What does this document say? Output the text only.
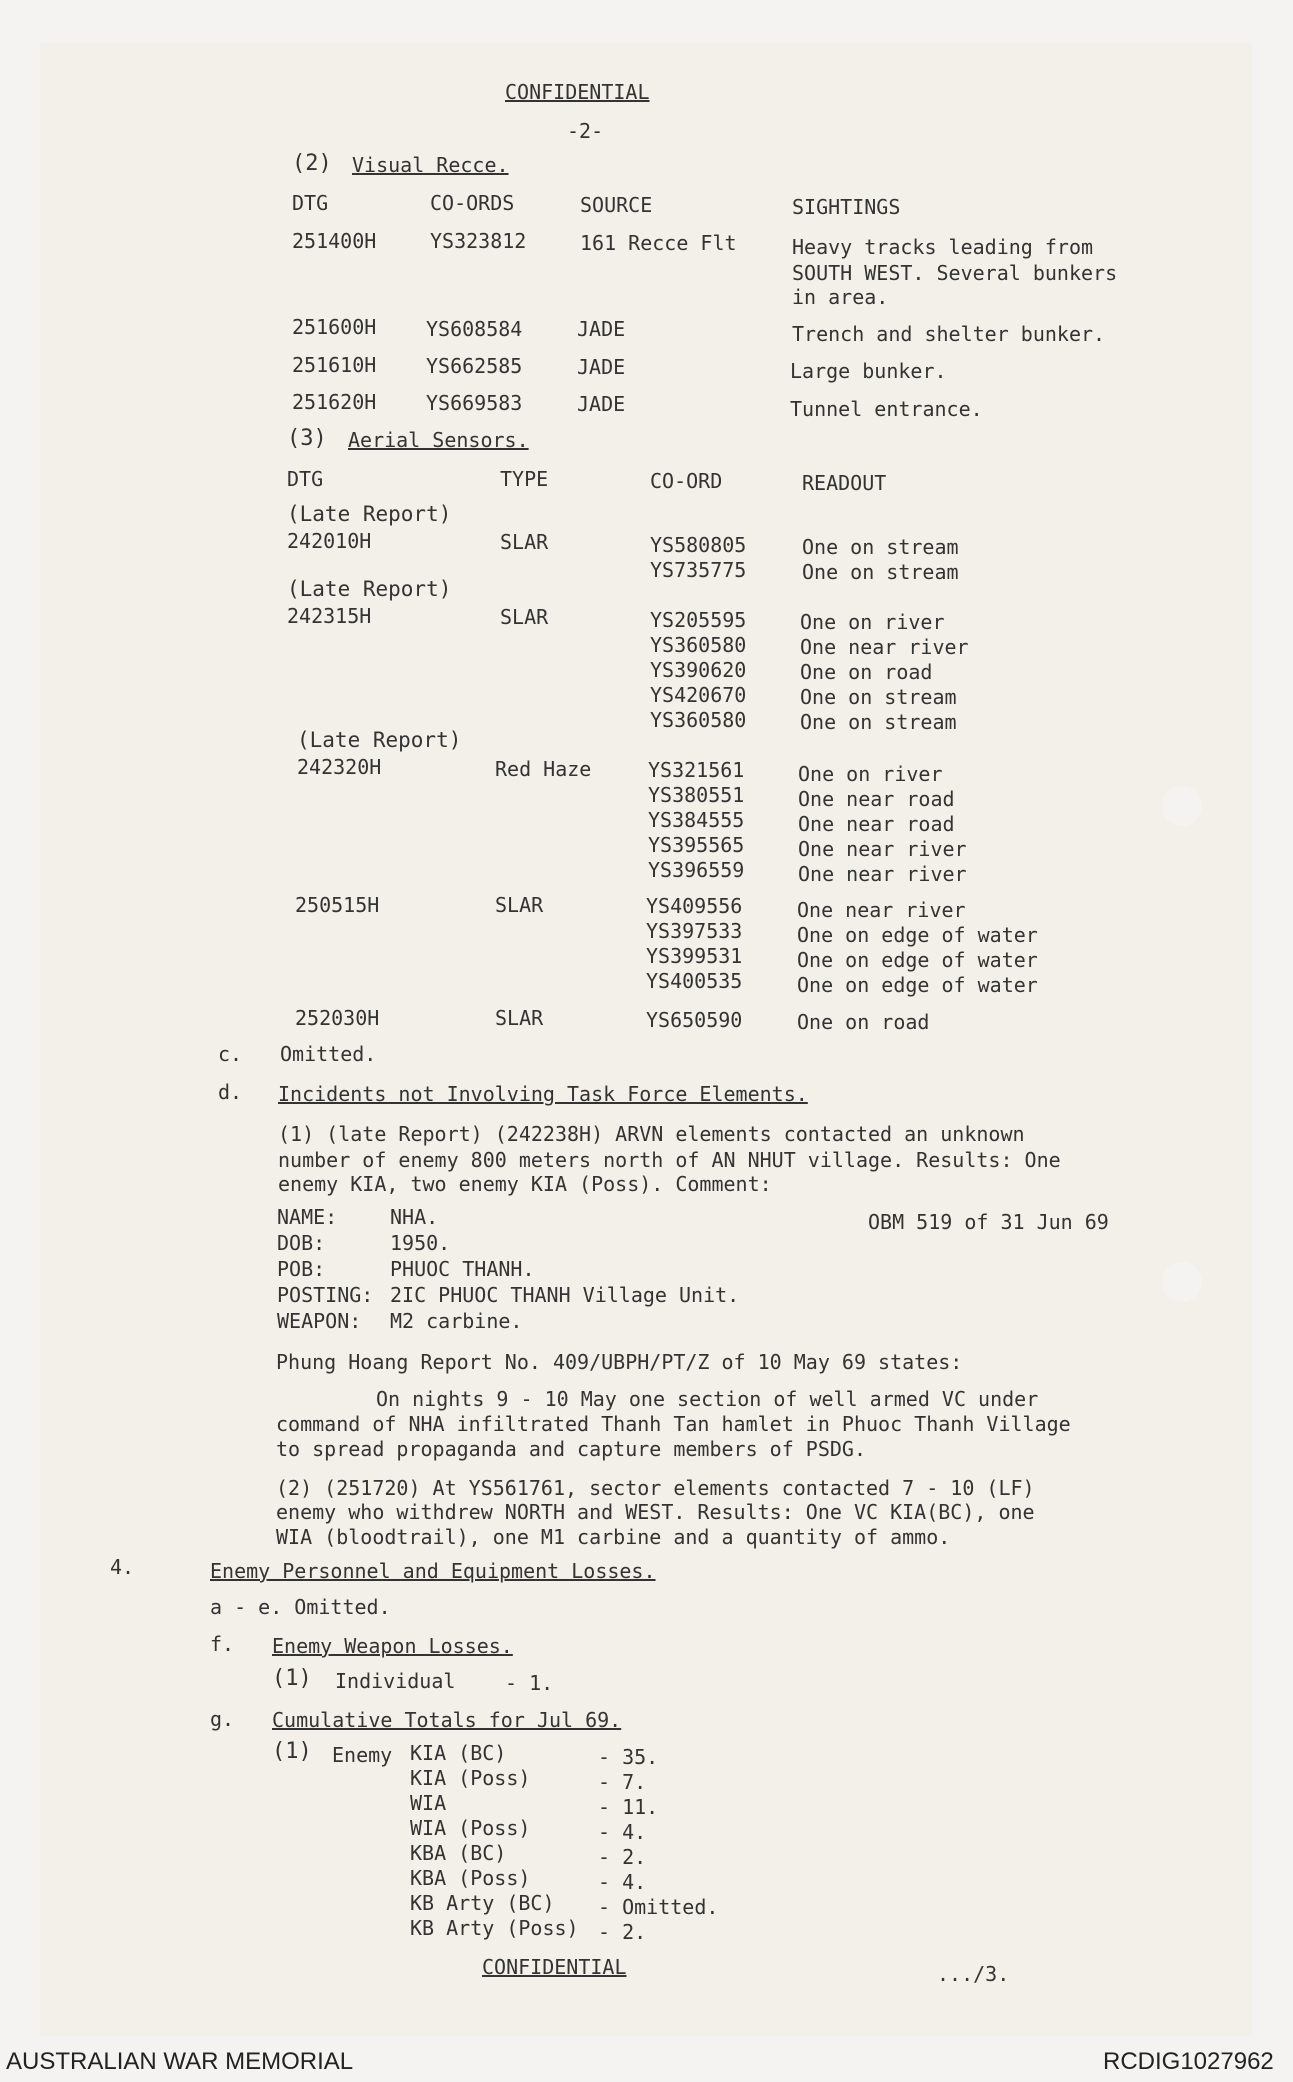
CONFIDENTIAL
-2-
(2) Visual Recce.
DTG	CO-ORDS	SOURCE	SIGHTINGS
251400H	YS323812	161 Recce Flt	Heavy tracks leading from
SOUTH WEST. Several bunkers
in area.
251600H YS608584	JADE	Trench and shelter bunker.
251610H YS662585	JADE	Large bunker.
251620H YS669583	JADE	Tunnel entrance.
(3) Aerial Sensors.
DTG	TYPE	CO-ORD	READOUT
(Late Report)
242010H	SLAR	YS580805	One on stream
YS735775	One on stream
(Late Report)
242315H	SLAR	YS205595	One on river
YS360580	One near river
YS390620	One on road
YS420670	One on stream
YS360580	One on stream
(Late Report)
242320H	Red Haze	YS321561	One on river
YS380551	One near road
YS384555	One near road
YS395565	One near river
YS396559	One near river
250515H	SLAR	YS409556	One near river
YS397533	One on edge of water
YS399531	One on edge of water
YS400535	One on edge of water
252030H	SLAR	YS650590	One on road
c. Omitted.
d. Incidents not Involving Task Force Elements.
(1) (late Report) (242238H) ARVN elements contacted an unknown
number of enemy 800 meters north of AN NHUT village. Results: One
enemy KIA, two enemy KIA (Poss). Comment:
OBM 519 of 31 Jun 69
NAME:	NHA.
DOB:	1950.
POB:	PHUOC THANH.
POSTING: 2IC PHUOC THANH Village Unit.
WEAPON: M2 carbine.
Phung Hoang Report No. 409/UBPH/PT/Z of 10 May 69 states:
On nights 9 - 10 May one section of well armed VC under
command of NHA infiltrated Thanh Tan hamlet in Phuoc Thanh Village
to spread propaganda and capture members of PSDG.
(2) (251720) At YS561761, sector elements contacted 7 - 10 (LF)
enemy who withdrew NORTH and WEST. Results: One VC KIA(BC), one
WIA (bloodtrail), one M1 carbine and a quantity of ammo.
4.	Enemy Personnel and Equipment Losses.
a - e. Omitted.
f. Enemy Weapon Losses.
(1) Individual - 1.
g. Cumulative Totals for Jul 69.
(1) Enemy KIA (BC)	- 35.
KIA (Poss)	- 7.
WIA	- 11.
WIA (Poss)	- 4.
KBA (BC)	- 2.
KBA (Poss)	- 4.
KB Arty (BC) - Omitted.
KB Arty (Poss) - 2.
CONFIDENTIAL	.../3.
AUSTRALIAN WAR MEMORIAL	RCDIG1027962
